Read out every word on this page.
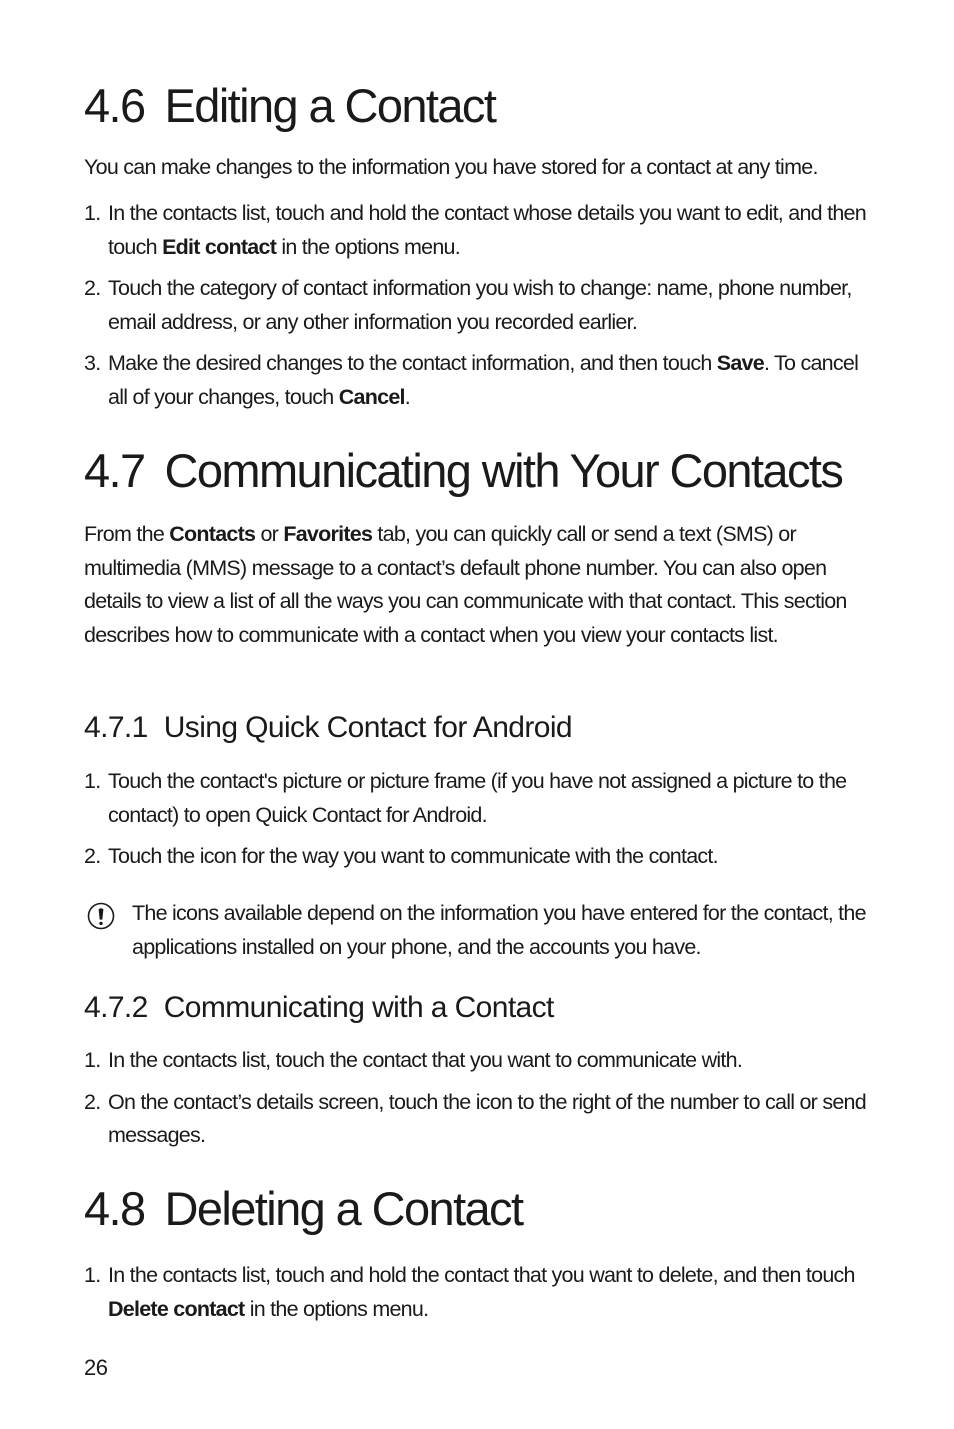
4.6 Editing a Contact

You can make changes to the information you have stored for a contact at any time.

1. In the contacts list, touch and hold the contact whose details you want to edit, and then touch Edit contact in the options menu.
2. Touch the category of contact information you wish to change: name, phone number, email address, or any other information you recorded earlier.
3. Make the desired changes to the contact information, and then touch Save. To cancel all of your changes, touch Cancel.
4.7 Communicating with Your Contacts

From the Contacts or Favorites tab, you can quickly call or send a text (SMS) or multimedia (MMS) message to a contact’s default phone number. You can also open details to view a list of all the ways you can communicate with that contact. This section describes how to communicate with a contact when you view your contacts list.

4.7.1 Using Quick Contact for Android
1. Touch the contact's picture or picture frame (if you have not assigned a picture to the contact) to open Quick Contact for Android.
2. Touch the icon for the way you want to communicate with the contact.

The icons available depend on the information you have entered for the contact, the applications installed on your phone, and the accounts you have.

4.7.2 Communicating with a Contact
1. In the contacts list, touch the contact that you want to communicate with.
2. On the contact’s details screen, touch the icon to the right of the number to call or send messages.
4.8 Deleting a Contact
1. In the contacts list, touch and hold the contact that you want to delete, and then touch Delete contact in the options menu.
26
